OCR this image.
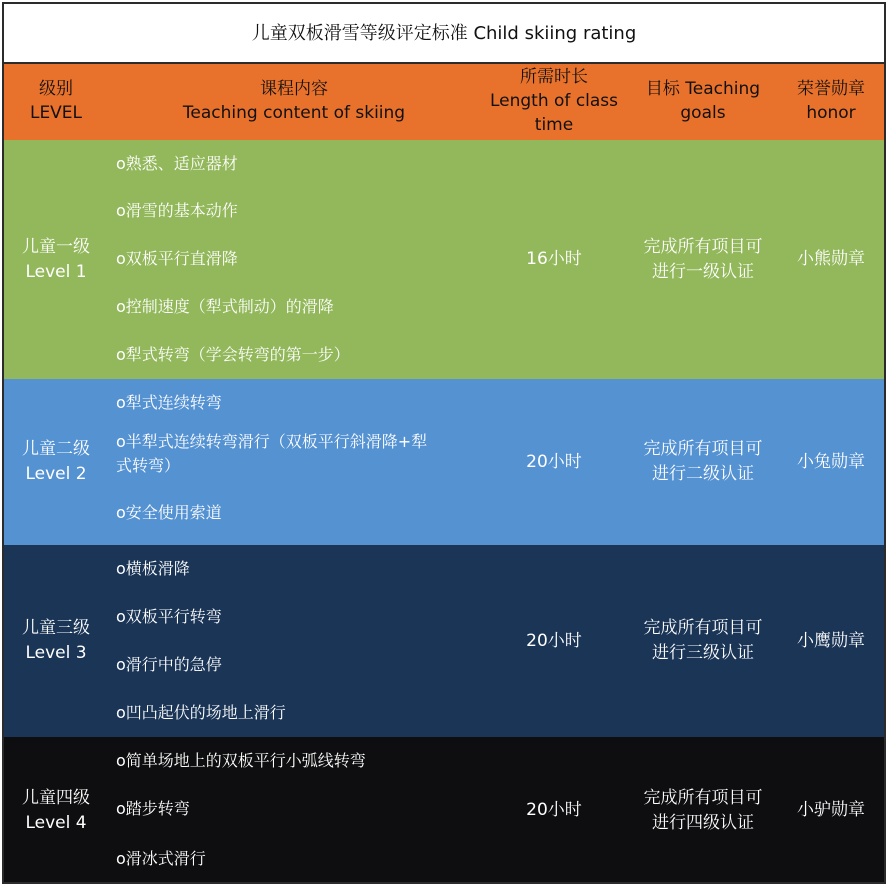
儿童双板滑雪等级评定标准 Child skiing rating
级别
LEVEL
课程内容
Teaching content of skiing
所需时长
Length of class
time
目标 Teaching
goals
荣誉勋章
honor
儿童一级
Level 1
o熟悉、适应器材
o滑雪的基本动作
o双板平行直滑降
o控制速度（犁式制动）的滑降
o犁式转弯（学会转弯的第一步）
16小时
完成所有项目可
进行一级认证
小熊勋章
儿童二级
Level 2
o犁式连续转弯
o半犁式连续转弯滑行（双板平行斜滑降+犁
式转弯）
o安全使用索道
20小时
完成所有项目可
进行二级认证
小兔勋章
儿童三级
Level 3
o横板滑降
o双板平行转弯
o滑行中的急停
o凹凸起伏的场地上滑行
20小时
完成所有项目可
进行三级认证
小鹰勋章
儿童四级
Level 4
o简单场地上的双板平行小弧线转弯
o踏步转弯
o滑冰式滑行
20小时
完成所有项目可
进行四级认证
小驴勋章
